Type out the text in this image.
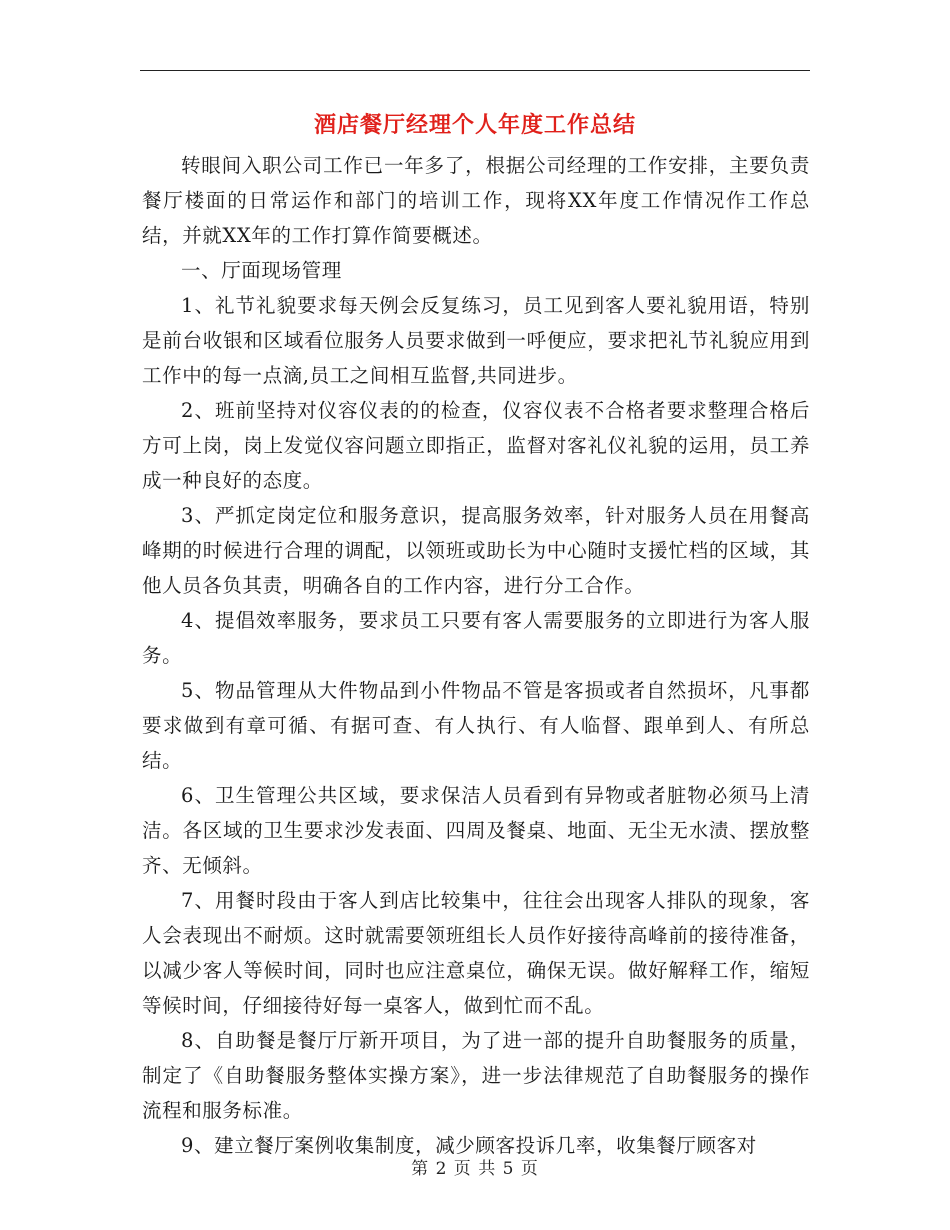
酒店餐厅经理个人年度工作总结

转眼间入职公司工作已一年多了，根据公司经理的工作安排，主要负责餐厅楼面的日常运作和部门的培训工作，现将XX年度工作情况作工作总结，并就XX年的工作打算作简要概述。

一、厅面现场管理

1、礼节礼貌要求每天例会反复练习，员工见到客人要礼貌用语，特别是前台收银和区域看位服务人员要求做到一呼便应，要求把礼节礼貌应用到工作中的每一点滴,员工之间相互监督,共同进步。

2、班前坚持对仪容仪表的的检查，仪容仪表不合格者要求整理合格后方可上岗，岗上发觉仪容问题立即指正，监督对客礼仪礼貌的运用，员工养成一种良好的态度。

3、严抓定岗定位和服务意识，提高服务效率，针对服务人员在用餐高峰期的时候进行合理的调配，以领班或助长为中心随时支援忙档的区域，其他人员各负其责，明确各自的工作内容，进行分工合作。

4、提倡效率服务，要求员工只要有客人需要服务的立即进行为客人服务。

5、物品管理从大件物品到小件物品不管是客损或者自然损坏，凡事都要求做到有章可循、有据可查、有人执行、有人临督、跟单到人、有所总结。

6、卫生管理公共区域，要求保洁人员看到有异物或者脏物必须马上清洁。各区域的卫生要求沙发表面、四周及餐桌、地面、无尘无水渍、摆放整齐、无倾斜。

7、用餐时段由于客人到店比较集中，往往会出现客人排队的现象，客人会表现出不耐烦。这时就需要领班组长人员作好接待高峰前的接待准备，以减少客人等候时间，同时也应注意桌位，确保无误。做好解释工作，缩短等候时间，仔细接待好每一桌客人，做到忙而不乱。

8、自助餐是餐厅厅新开项目，为了进一部的提升自助餐服务的质量，制定了《自助餐服务整体实操方案》，进一步法律规范了自助餐服务的操作流程和服务标准。

9、建立餐厅案例收集制度，减少顾客投诉几率，收集餐厅顾客对

第 2 页 共 5 页
